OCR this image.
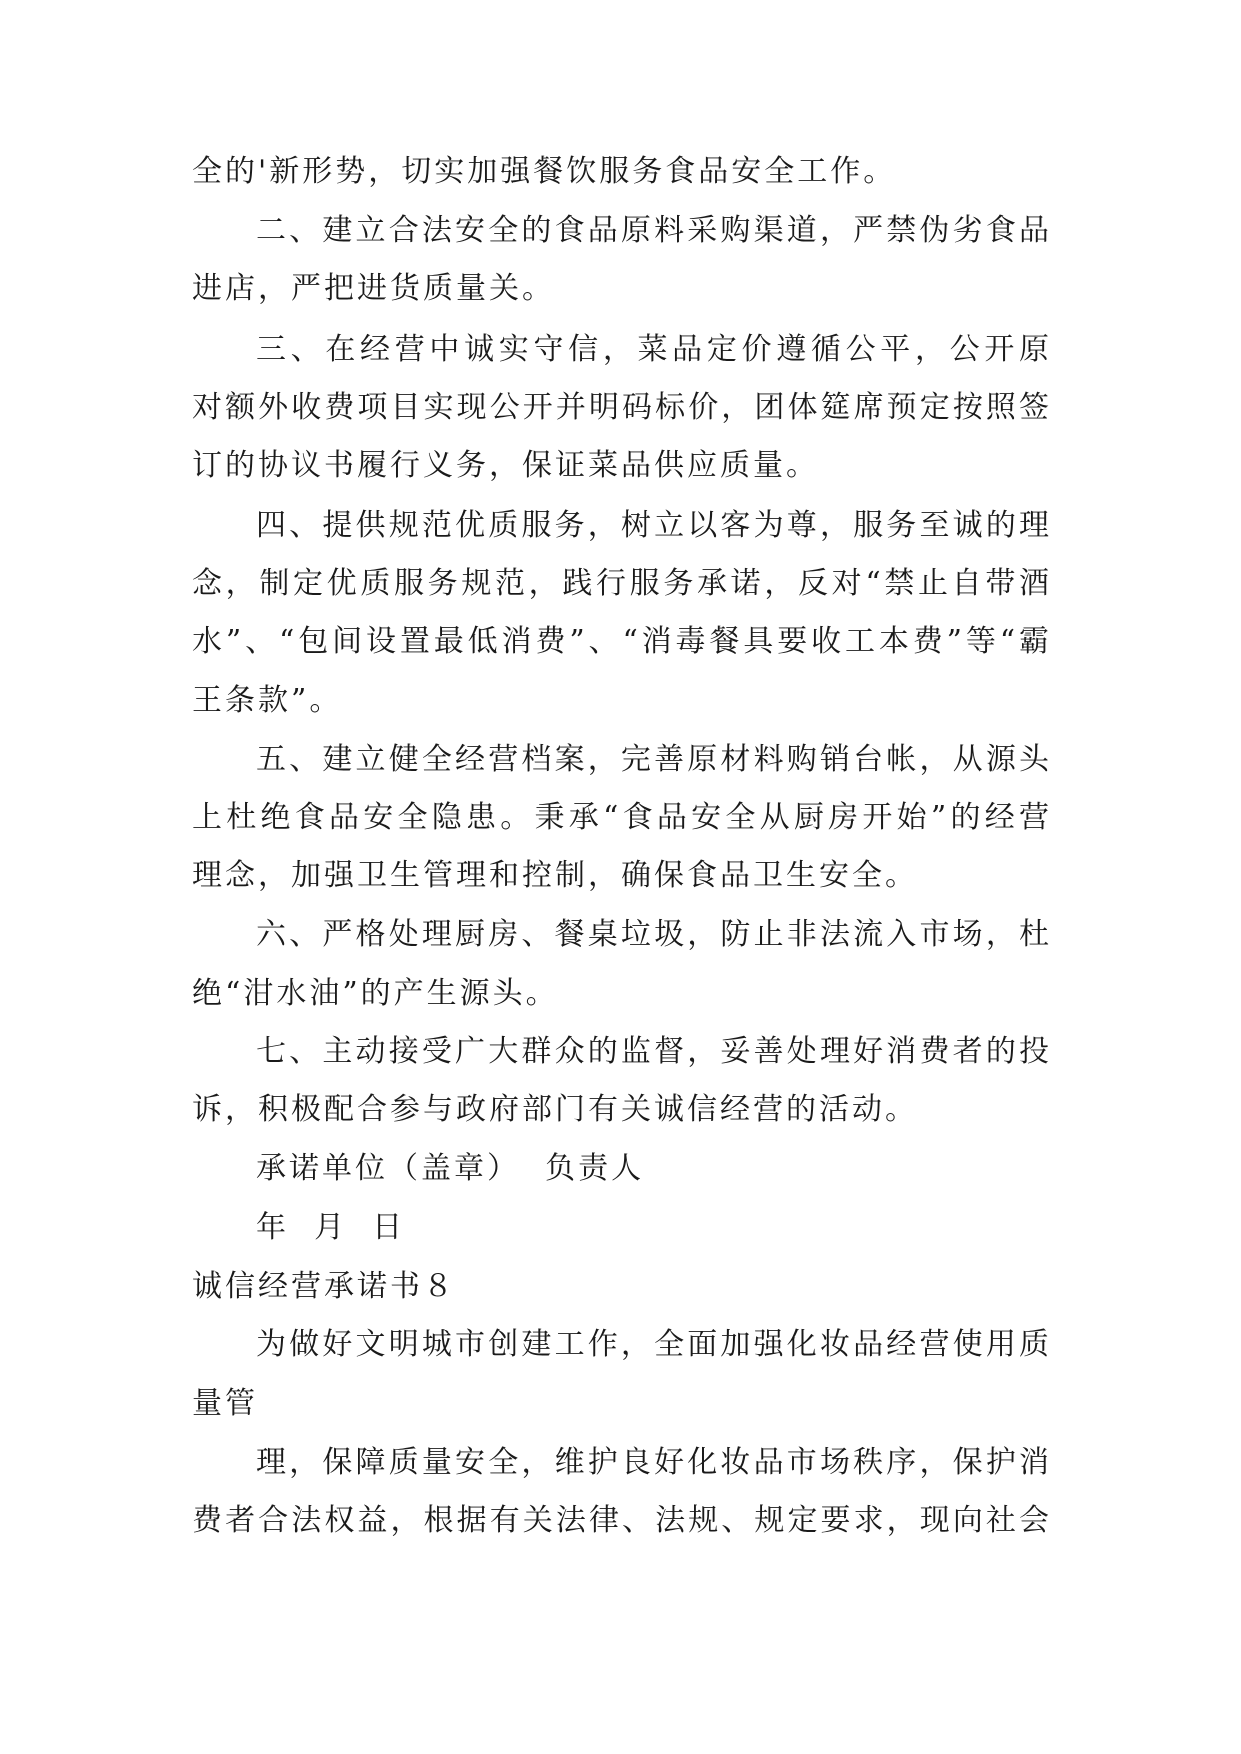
全的'新形势，切实加强餐饮服务食品安全工作。
二、建立合法安全的食品原料采购渠道，严禁伪劣食品
进店，严把进货质量关。
三、在经营中诚实守信，菜品定价遵循公平，公开原
对额外收费项目实现公开并明码标价，团体筵席预定按照签
订的协议书履行义务，保证菜品供应质量。
四、提供规范优质服务，树立以客为尊，服务至诚的理
念，制定优质服务规范，践行服务承诺，反对“禁止自带酒
水”、“包间设置最低消费”、“消毒餐具要收工本费”等“霸
王条款”。
五、建立健全经营档案，完善原材料购销台帐，从源头
上杜绝食品安全隐患。秉承“食品安全从厨房开始”的经营
理念，加强卫生管理和控制，确保食品卫生安全。
六、严格处理厨房、餐桌垃圾，防止非法流入市场，杜
绝“泔水油”的产生源头。
七、主动接受广大群众的监督，妥善处理好消费者的投
诉，积极配合参与政府部门有关诚信经营的活动。
承诺单位（盖章）  负责人
年  月  日
诚信经营承诺书８
为做好文明城市创建工作，全面加强化妆品经营使用质
量管
理，保障质量安全，维护良好化妆品市场秩序，保护消
费者合法权益，根据有关法律、法规、规定要求，现向社会
